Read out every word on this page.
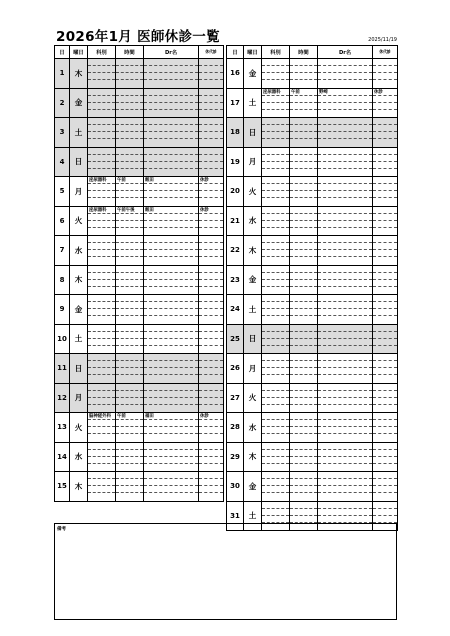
2026年1月 医師休診一覧	2025/11/19
日	曜日	科別	時間	Dr名	休代診
1	木	

2	金	

3	土	

4	日	

5	月	泌尿器科	午前	飯田	休診

6	火	泌尿器科	午前午後	飯田	休診

7	水	

8	木	

9	金	

10	土	

11	日	

12	月	

13	火	脳神経外科	午前	福田	休診

14	水	

15	木	

日	曜日	科別	時間	Dr名	休代診
16	金	

17	土	泌尿器科	午前	野崎	休診

18	日	

19	月	

20	火	

21	水	

22	木	

23	金	

24	土	

25	日	

26	月	

27	火	

28	水	

29	木	

30	金	

31	土	

備考
